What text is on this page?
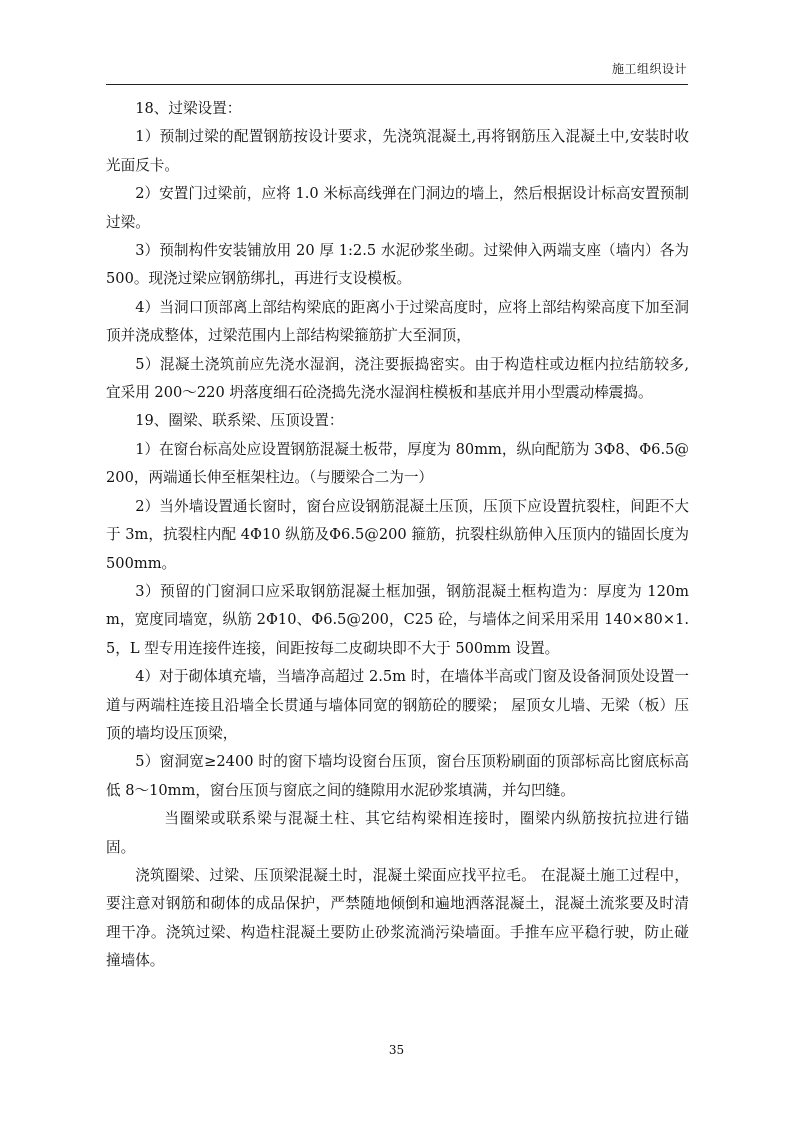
施工组织设计

18、过梁设置：

1）预制过梁的配置钢筋按设计要求，先浇筑混凝土,再将钢筋压入混凝土中,安装时收光面反卡。

2）安置门过梁前，应将 1.0 米标高线弹在门洞边的墙上，然后根据设计标高安置预制过梁。

3）预制构件安装铺放用 20 厚 1:2.5 水泥砂浆坐砌。过梁伸入两端支座（墙内）各为 500。现浇过梁应钢筋绑扎，再进行支设模板。

4）当洞口顶部离上部结构梁底的距离小于过梁高度时，应将上部结构梁高度下加至洞顶并浇成整体，过梁范围内上部结构梁箍筋扩大至洞顶，

5）混凝土浇筑前应先浇水湿润，浇注要振捣密实。由于构造柱或边框内拉结筋较多,宜采用 200～220 坍落度细石砼浇捣先浇水湿润柱模板和基底并用小型震动棒震捣。

19、圈梁、联系梁、压顶设置：

1）在窗台标高处应设置钢筋混凝土板带，厚度为 80mm，纵向配筋为 3Φ8、Φ6.5@200，两端通长伸至框架柱边。（与腰梁合二为一）

2）当外墙设置通长窗时，窗台应设钢筋混凝土压顶，压顶下应设置抗裂柱，间距不大于 3m，抗裂柱内配 4Φ10 纵筋及Φ6.5@200 箍筋，抗裂柱纵筋伸入压顶内的锚固长度为 500mm。

3）预留的门窗洞口应采取钢筋混凝土框加强，钢筋混凝土框构造为：厚度为 120mm，宽度同墙宽，纵筋 2Φ10、Φ6.5@200，C25 砼，与墙体之间采用采用 140×80×1.5，L 型专用连接件连接，间距按每二皮砌块即不大于 500mm 设置。

4）对于砌体填充墙，当墙净高超过 2.5m 时，在墙体半高或门窗及设备洞顶处设置一道与两端柱连接且沿墙全长贯通与墙体同宽的钢筋砼的腰梁； 屋顶女儿墙、无梁（板）压顶的墙均设压顶梁，

5）窗洞宽≥2400 时的窗下墙均设窗台压顶，窗台压顶粉刷面的顶部标高比窗底标高低 8～10mm，窗台压顶与窗底之间的缝隙用水泥砂浆填满，并勾凹缝。

当圈梁或联系梁与混凝土柱、其它结构梁相连接时，圈梁内纵筋按抗拉进行锚固。

浇筑圈梁、过梁、压顶梁混凝土时，混凝土梁面应找平拉毛。 在混凝土施工过程中，要注意对钢筋和砌体的成品保护，严禁随地倾倒和遍地洒落混凝土，混凝土流浆要及时清理干净。浇筑过梁、构造柱混凝土要防止砂浆流淌污染墙面。手推车应平稳行驶，防止碰撞墙体。

35
